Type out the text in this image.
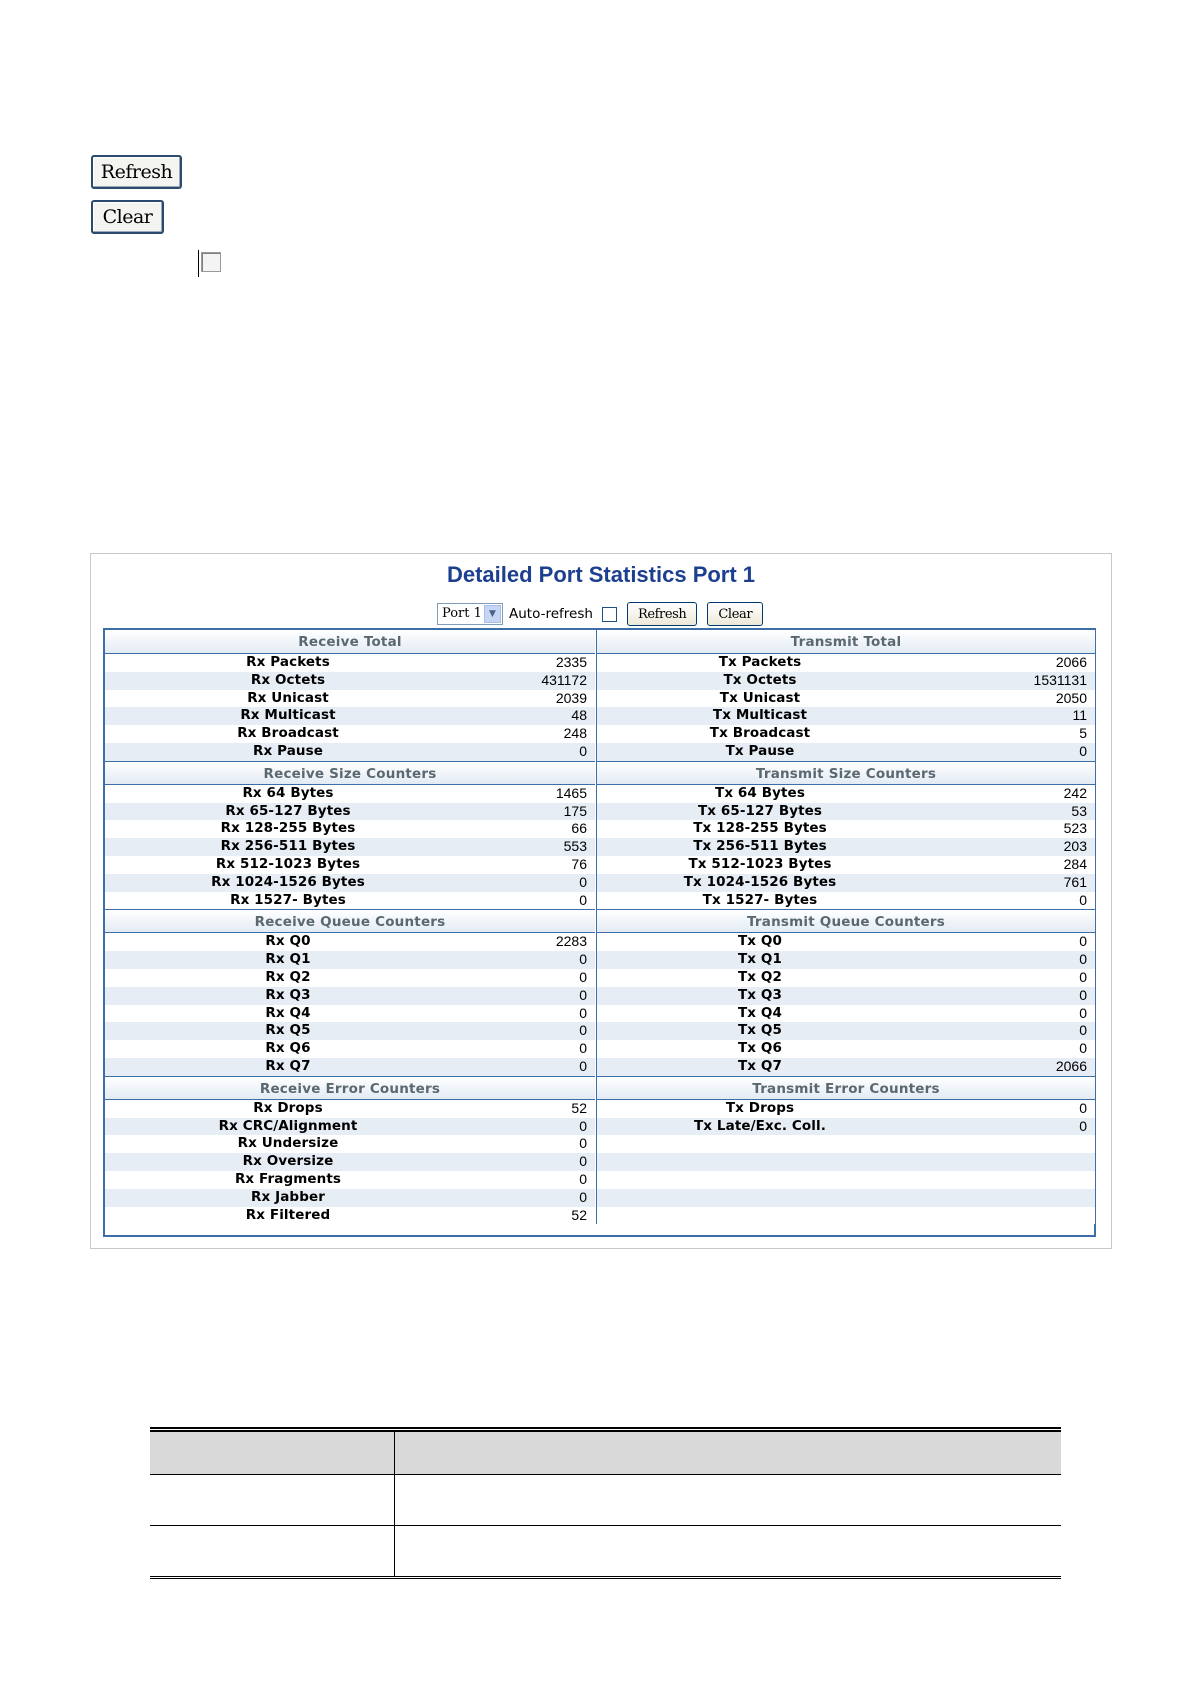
Refresh
Clear
Detailed Port Statistics Port 1
Port 1 ▼ Auto-refresh	Refresh	Clear
Receive Total
Rx Packets	2335
Rx Octets	431172
Rx Unicast	2039
Rx Multicast	48
Rx Broadcast	248
Rx Pause	0
Receive Size Counters
Rx 64 Bytes	1465
Rx 65-127 Bytes	175
Rx 128-255 Bytes	66
Rx 256-511 Bytes	553
Rx 512-1023 Bytes	76
Rx 1024-1526 Bytes	0
Rx 1527- Bytes	0
Receive Queue Counters
Rx Q0	2283
Rx Q1	0
Rx Q2	0
Rx Q3	0
Rx Q4	0
Rx Q5	0
Rx Q6	0
Rx Q7	0
Receive Error Counters
Rx Drops	52
Rx CRC/Alignment	0
Rx Undersize	0
Rx Oversize	0
Rx Fragments	0
Rx Jabber	0
Rx Filtered	52
Transmit Total
Tx Packets	2066
Tx Octets	1531131
Tx Unicast	2050
Tx Multicast	11
Tx Broadcast	5
Tx Pause	0
Transmit Size Counters
Tx 64 Bytes	242
Tx 65-127 Bytes	53
Tx 128-255 Bytes	523
Tx 256-511 Bytes	203
Tx 512-1023 Bytes	284
Tx 1024-1526 Bytes	761
Tx 1527- Bytes	0
Transmit Queue Counters
Tx Q0	0
Tx Q1	0
Tx Q2	0
Tx Q3	0
Tx Q4	0
Tx Q5	0
Tx Q6	0
Tx Q7	2066
Transmit Error Counters
Tx Drops	0
Tx Late/Exc. Coll.	0
